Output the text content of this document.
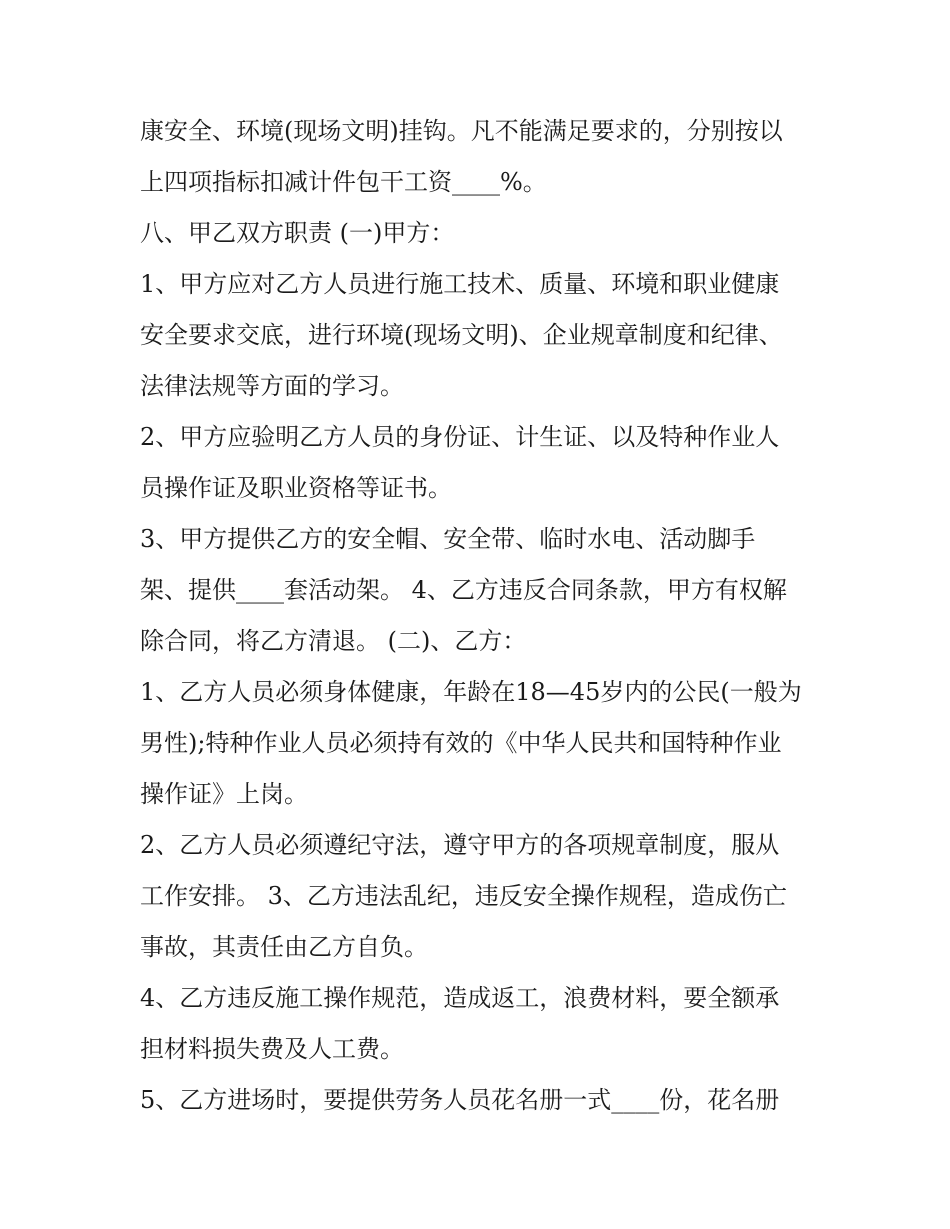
康安全、环境(现场文明)挂钩。凡不能满足要求的，分别按以
上四项指标扣减计件包干工资____%。
八、甲乙双方职责 (一)甲方：
1、甲方应对乙方人员进行施工技术、质量、环境和职业健康
安全要求交底，进行环境(现场文明)、企业规章制度和纪律、
法律法规等方面的学习。
2、甲方应验明乙方人员的身份证、计生证、以及特种作业人
员操作证及职业资格等证书。
3、甲方提供乙方的安全帽、安全带、临时水电、活动脚手
架、提供____套活动架。 4、乙方违反合同条款，甲方有权解
除合同，将乙方清退。 (二)、乙方：
1、乙方人员必须身体健康，年龄在18—45岁内的公民(一般为
男性);特种作业人员必须持有效的《中华人民共和国特种作业
操作证》上岗。
2、乙方人员必须遵纪守法，遵守甲方的各项规章制度，服从
工作安排。 3、乙方违法乱纪，违反安全操作规程，造成伤亡
事故，其责任由乙方自负。
4、乙方违反施工操作规范，造成返工，浪费材料，要全额承
担材料损失费及人工费。
5、乙方进场时，要提供劳务人员花名册一式____份，花名册
